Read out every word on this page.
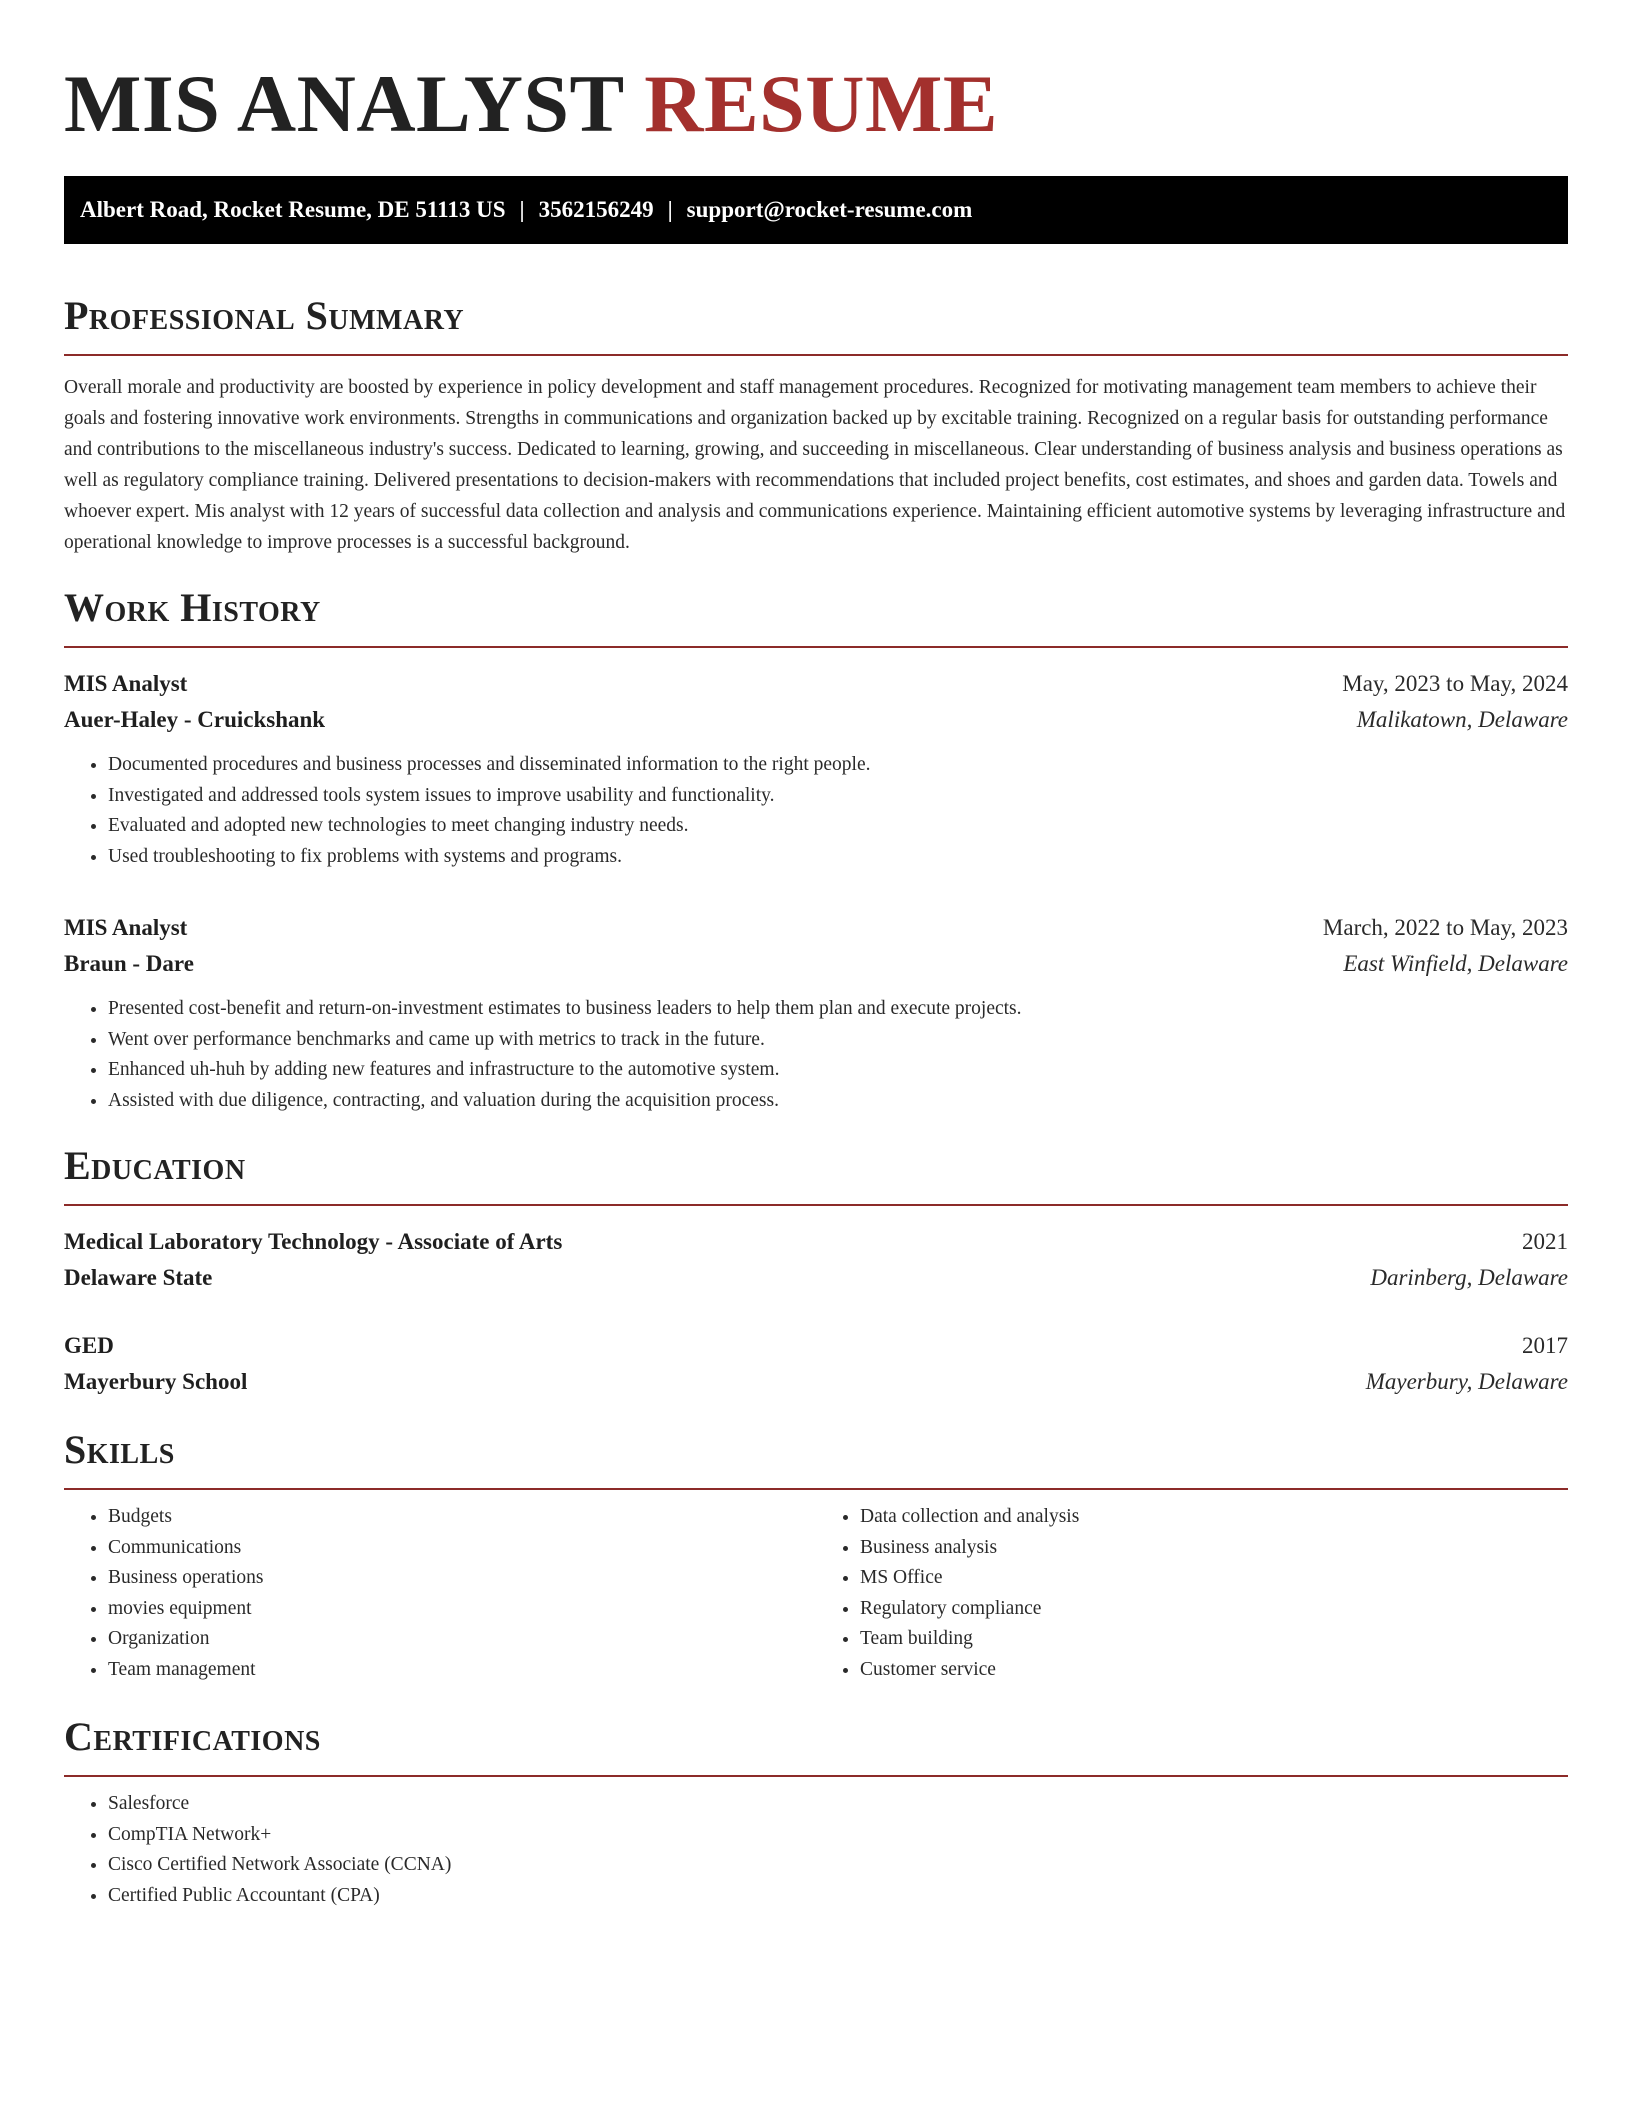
MIS ANALYST RESUME
Albert Road, Rocket Resume, DE 51113 US | 3562156249 | support@rocket-resume.com
Professional Summary

Overall morale and productivity are boosted by experience in policy development and staff management procedures. Recognized for motivating management team members to achieve their goals and fostering innovative work environments. Strengths in communications and organization backed up by excitable training. Recognized on a regular basis for outstanding performance and contributions to the miscellaneous industry's success. Dedicated to learning, growing, and succeeding in miscellaneous. Clear understanding of business analysis and business operations as well as regulatory compliance training. Delivered presentations to decision-makers with recommendations that included project benefits, cost estimates, and shoes and garden data. Towels and whoever expert. Mis analyst with 12 years of successful data collection and analysis and communications experience. Maintaining efficient automotive systems by leveraging infrastructure and operational knowledge to improve processes is a successful background.

Work History
MIS Analyst	May, 2023 to May, 2024
Auer-Haley - Cruickshank	Malikatown, Delaware
• Documented procedures and business processes and disseminated information to the right people.
• Investigated and addressed tools system issues to improve usability and functionality.
• Evaluated and adopted new technologies to meet changing industry needs.
• Used troubleshooting to fix problems with systems and programs.
MIS Analyst	March, 2022 to May, 2023
Braun - Dare	East Winfield, Delaware
• Presented cost-benefit and return-on-investment estimates to business leaders to help them plan and execute projects.
• Went over performance benchmarks and came up with metrics to track in the future.
• Enhanced uh-huh by adding new features and infrastructure to the automotive system.
• Assisted with due diligence, contracting, and valuation during the acquisition process.
Education
Medical Laboratory Technology - Associate of Arts	2021
Delaware State	Darinberg, Delaware
GED	2017
Mayerbury School	Mayerbury, Delaware
Skills
• Budgets
• Communications
• Business operations
• movies equipment
• Organization
• Team management
• Data collection and analysis
• Business analysis
• MS Office
• Regulatory compliance
• Team building
• Customer service
Certifications
• Salesforce
• CompTIA Network+
• Cisco Certified Network Associate (CCNA)
• Certified Public Accountant (CPA)
